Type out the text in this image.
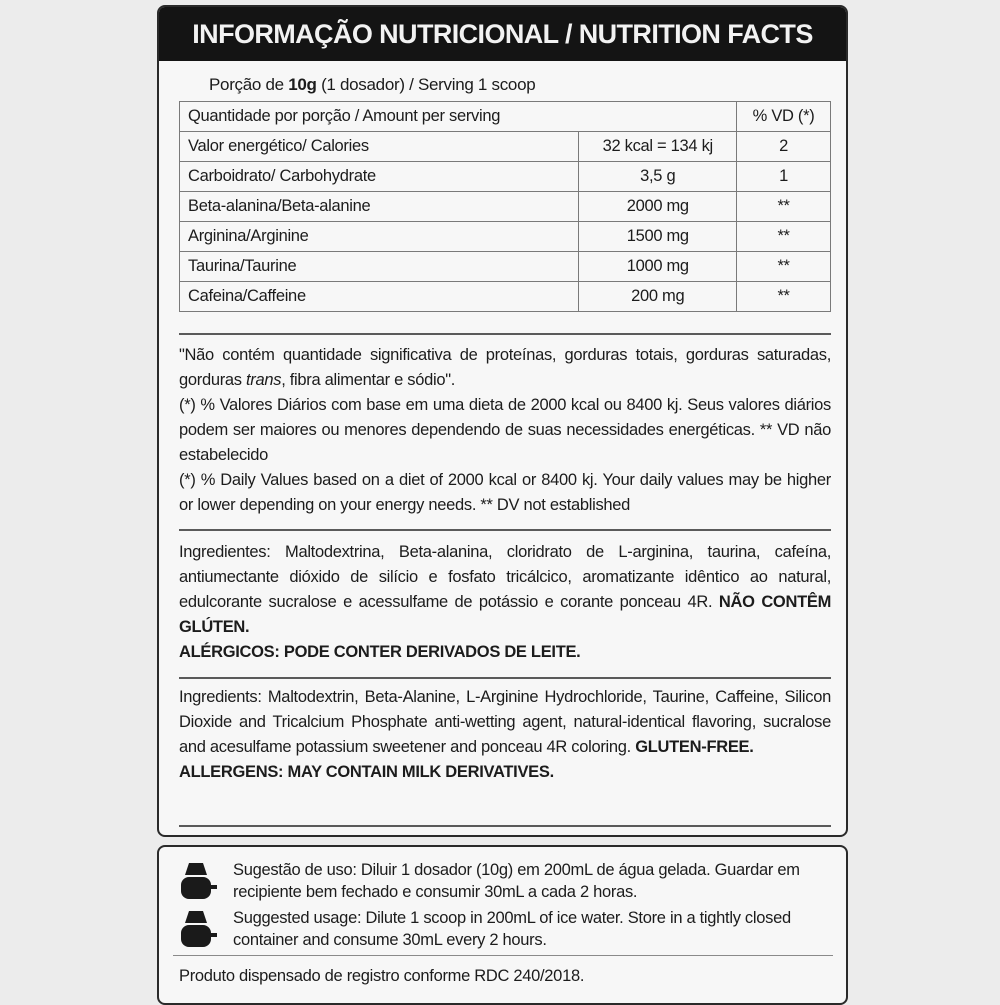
INFORMAÇÃO NUTRICIONAL / NUTRITION FACTS
Porção de 10g (1 dosador) / Serving 1 scoop
Quantidade por porção / Amount per serving		% VD (*)
Valor energético/ Calories	32 kcal = 134 kj	2
Carboidrato/ Carbohydrate	3,5 g	1
Beta-alanina/Beta-alanine	2000 mg	**
Arginina/Arginine	1500 mg	**
Taurina/Taurine	1000 mg	**
Cafeina/Caffeine	200 mg	**

"Não contém quantidade significativa de proteínas, gorduras totais, gorduras saturadas, gorduras trans, fibra alimentar e sódio".

(*) % Valores Diários com base em uma dieta de 2000 kcal ou 8400 kj. Seus valores diários podem ser maiores ou menores dependendo de suas necessidades energéticas. ** VD não estabelecido

(*) % Daily Values based on a diet of 2000 kcal or 8400 kj. Your daily values may be higher or lower depending on your energy needs. ** DV not established

Ingredientes: Maltodextrina, Beta-alanina, cloridrato de L-arginina, taurina, cafeína, antiumectante dióxido de silício e fosfato tricálcico, aromatizante idêntico ao natural, edulcorante sucralose e acessulfame de potássio e corante ponceau 4R. NÃO CONTÊM GLÚTEN.

ALÉRGICOS: PODE CONTER DERIVADOS DE LEITE.

Ingredients: Maltodextrin, Beta-Alanine, L-Arginine Hydrochloride, Taurine, Caffeine, Silicon Dioxide and Tricalcium Phosphate anti-wetting agent, natural-identical flavoring, sucralose and acesulfame potassium sweetener and ponceau 4R coloring. GLUTEN-FREE.

ALLERGENS: MAY CONTAIN MILK DERIVATIVES.

Sugestão de uso: Diluir 1 dosador (10g) em 200mL de água gelada. Guardar em recipiente bem fechado e consumir 30mL a cada 2 horas.
Suggested usage: Dilute 1 scoop in 200mL of ice water. Store in a tightly closed container and consume 30mL every 2 hours.
Produto dispensado de registro conforme RDC 240/2018.
